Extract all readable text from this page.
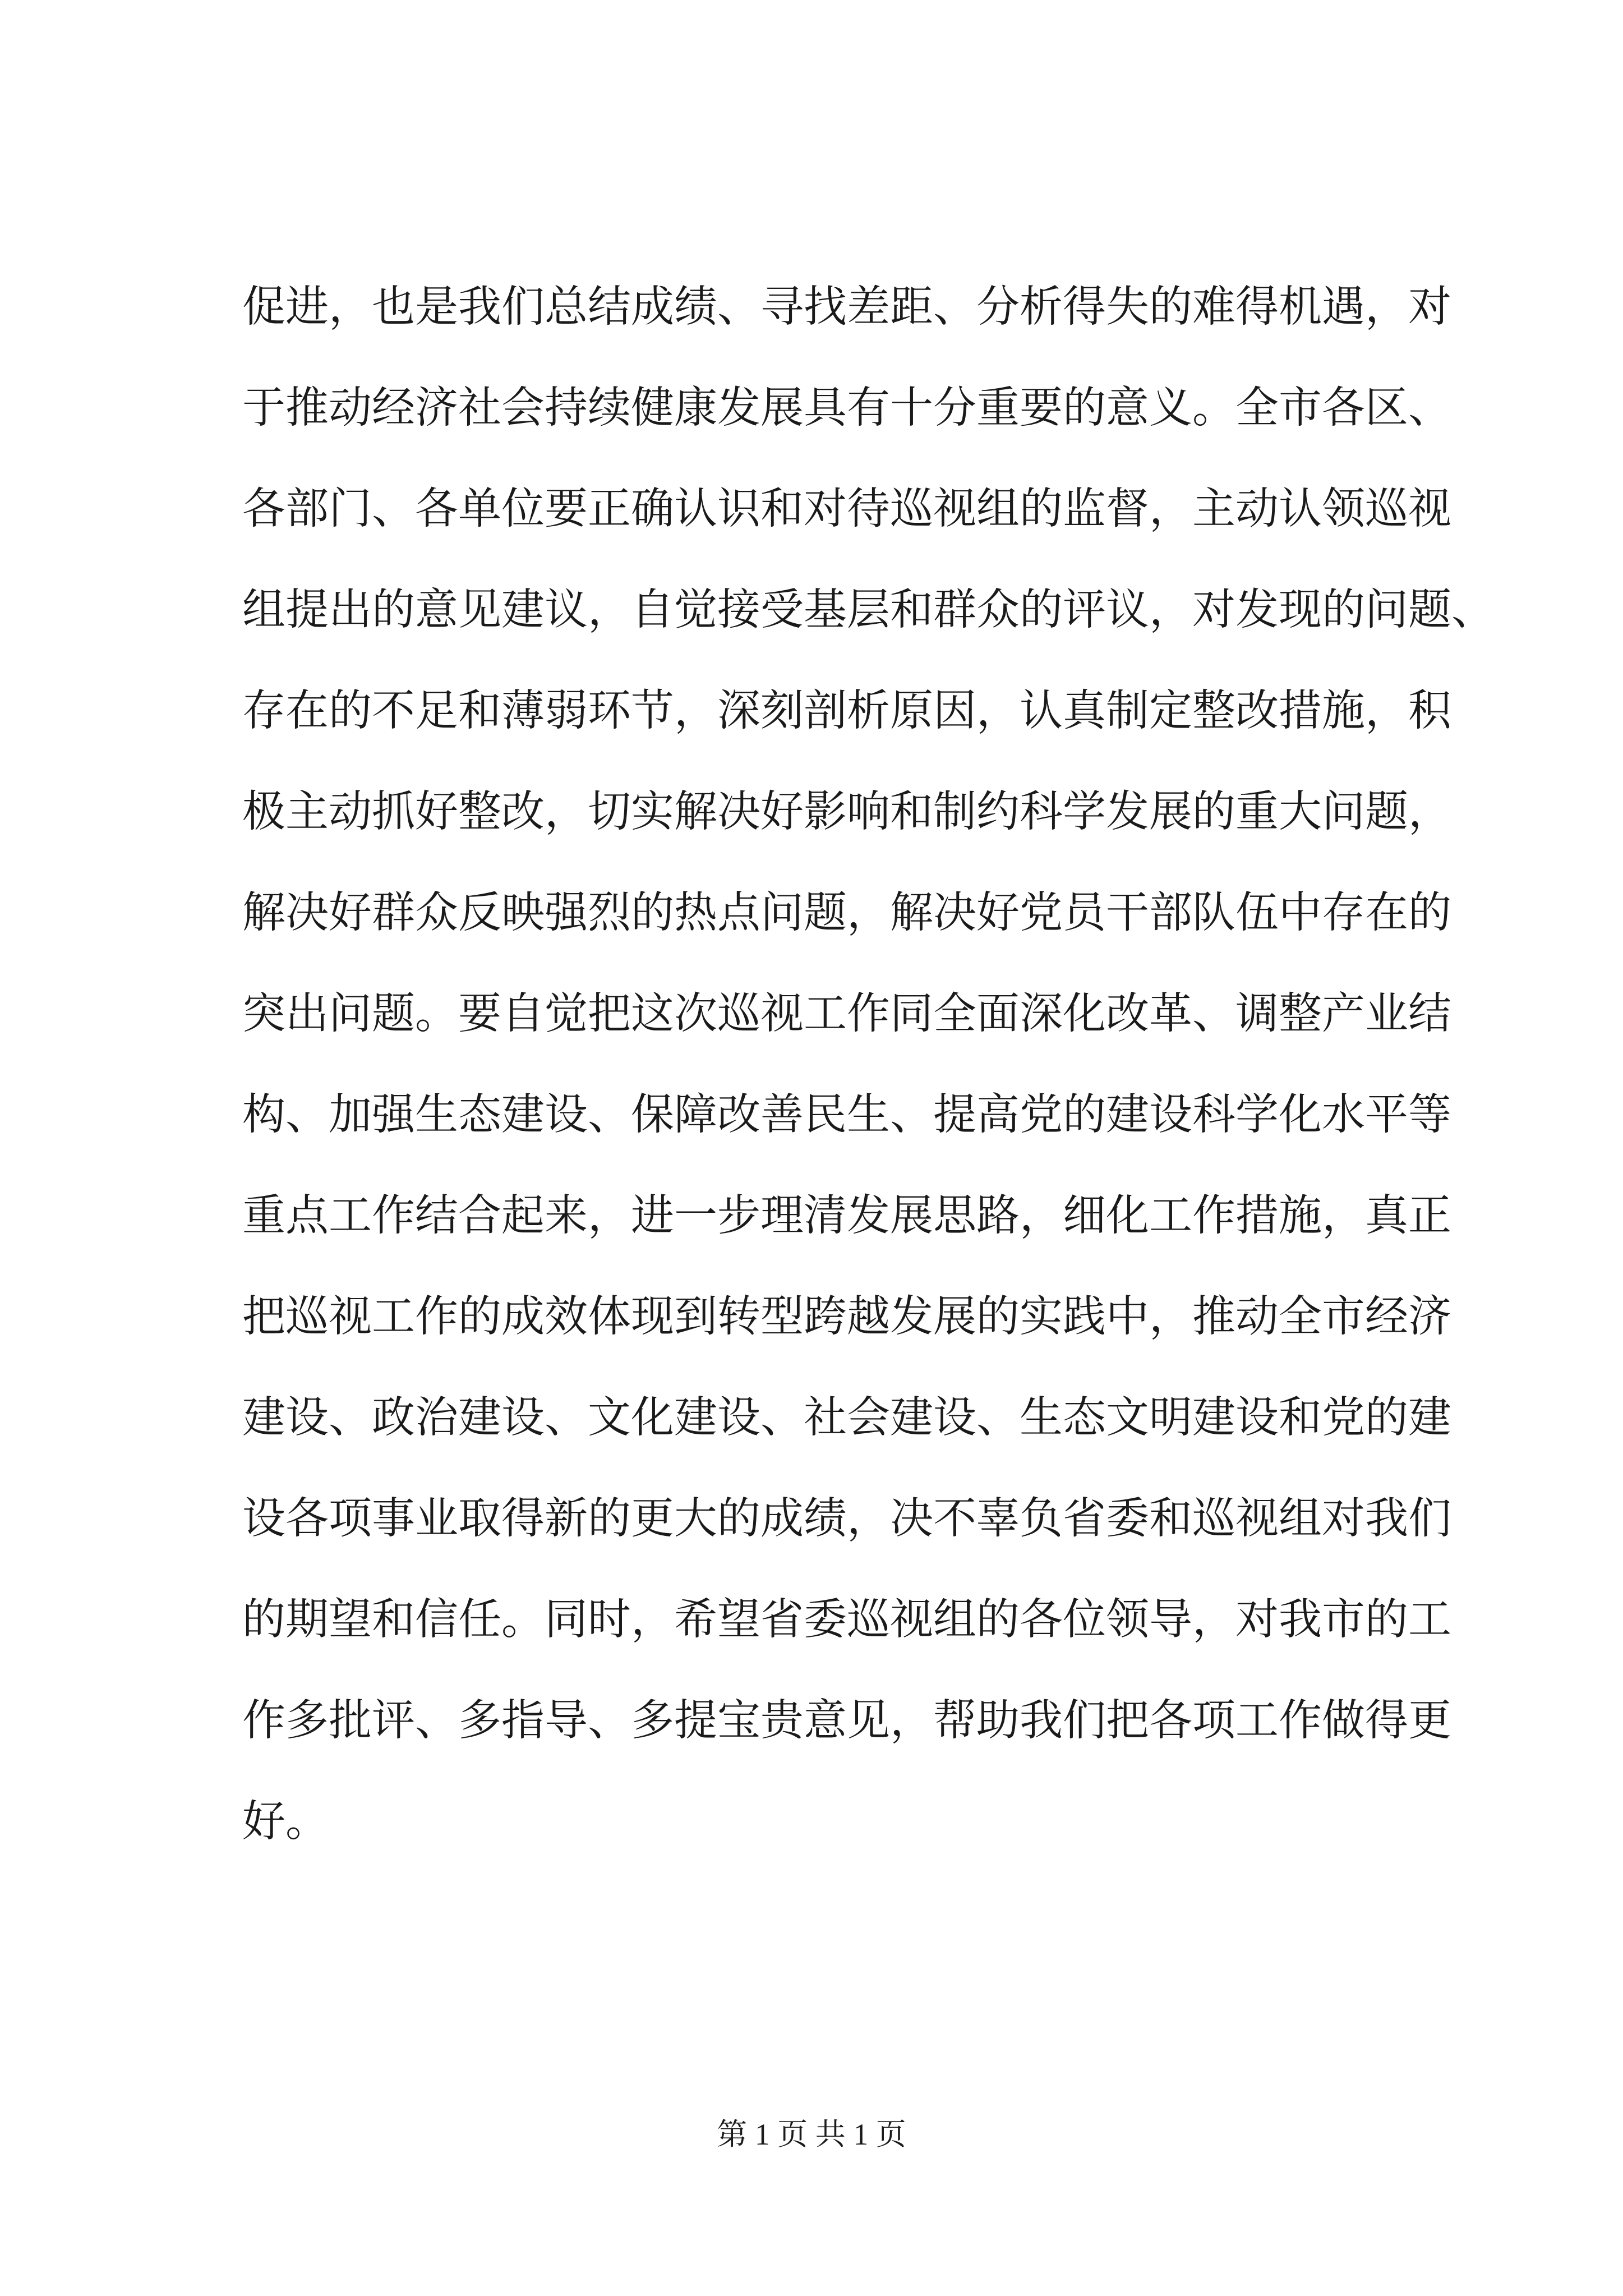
促进，也是我们总结成绩、寻找差距、分析得失的难得机遇，对
于推动经济社会持续健康发展具有十分重要的意义。全市各区、
各部门、各单位要正确认识和对待巡视组的监督，主动认领巡视
组提出的意见建议，自觉接受基层和群众的评议，对发现的问题、
存在的不足和薄弱环节，深刻剖析原因，认真制定整改措施，积
极主动抓好整改，切实解决好影响和制约科学发展的重大问题，
解决好群众反映强烈的热点问题，解决好党员干部队伍中存在的
突出问题。要自觉把这次巡视工作同全面深化改革、调整产业结
构、加强生态建设、保障改善民生、提高党的建设科学化水平等
重点工作结合起来，进一步理清发展思路，细化工作措施，真正
把巡视工作的成效体现到转型跨越发展的实践中，推动全市经济
建设、政治建设、文化建设、社会建设、生态文明建设和党的建
设各项事业取得新的更大的成绩，决不辜负省委和巡视组对我们
的期望和信任。同时，希望省委巡视组的各位领导，对我市的工
作多批评、多指导、多提宝贵意见，帮助我们把各项工作做得更
好。
第 1 页 共 1 页
